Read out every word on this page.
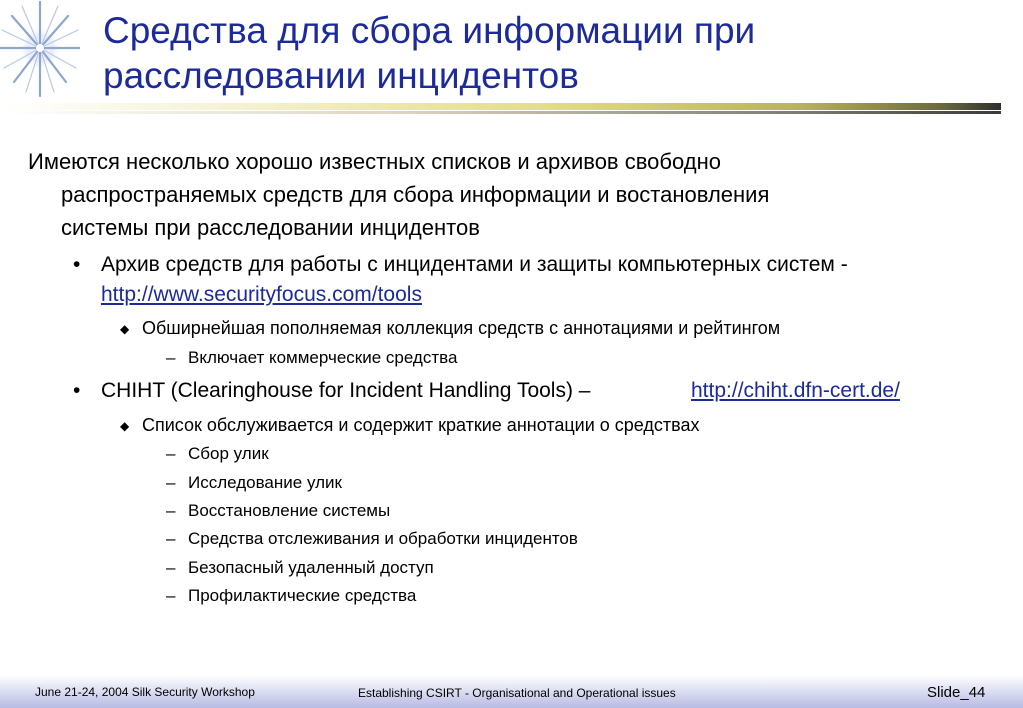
Средства для сбора информации при
расследовании инцидентов
Имеются несколько хорошо известных списков и архивов свободно
распространяемых средств для сбора информации и востановления
системы при расследовании инцидентов
• Архив средств для работы с инцидентами и защиты компьютерных систем -
http://www.securityfocus.com/tools
◆ Обширнейшая пополняемая коллекция средств с аннотациями и рейтингом
– Включает коммерческие средства
• CHIHT (Clearinghouse for Incident Handling Tools) –	http://chiht.dfn-cert.de/
◆ Список обслуживается и содержит краткие аннотации о средствах
– Сбор улик
– Исследование улик
– Восстановление системы
– Средства отслеживания и обработки инцидентов
– Безопасный удаленный доступ
– Профилактические средства
June 21-24, 2004 Silk Security Workshop	Establishing CSIRT - Organisational and Operational issues	Slide_44
